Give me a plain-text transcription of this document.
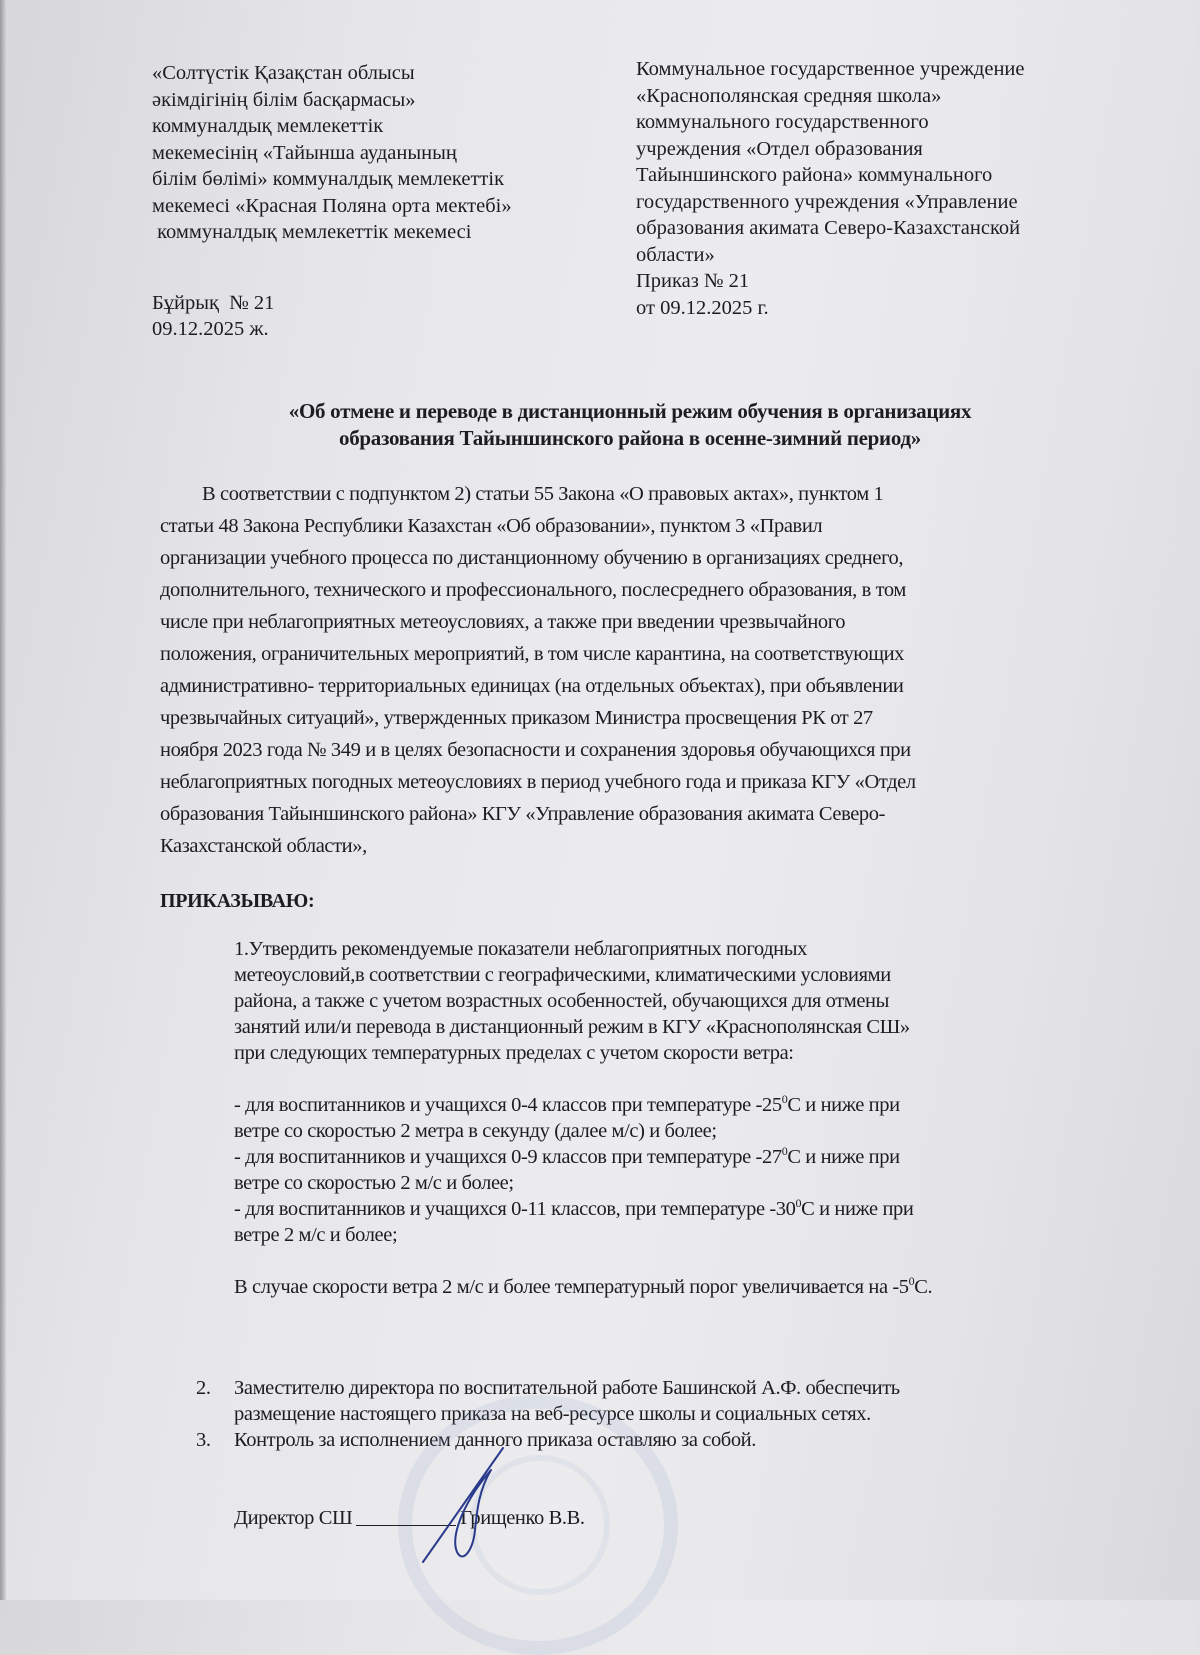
«Солтүстік Қазақстан облысы
әкімдігінің білім басқармасы»
коммуналдық мемлекеттік
мекемесінің «Тайынша ауданының
білім бөлімі» коммуналдық мемлекеттік
мекемесі «Красная Поляна орта мектебі»
коммуналдық мемлекеттік мекемесі
Бұйрық  № 21
09.12.2025 ж.
Коммунальное государственное учреждение
«Краснополянская средняя школа»
коммунального государственного
учреждения «Отдел образования
Тайыншинского района» коммунального
государственного учреждения «Управление
образования акимата Северо-Казахстанской
области»
Приказ № 21
от 09.12.2025 г.
«Об отмене и переводе в дистанционный режим обучения в организациях
образования Тайыншинского района в осенне-зимний период»
В соответствии с подпунктом 2) статьи 55 Закона «О правовых актах», пунктом 1
статьи 48 Закона Республики Казахстан «Об образовании», пунктом 3 «Правил
организации учебного процесса по дистанционному обучению в организациях среднего,
дополнительного, технического и профессионального, послесреднего образования, в том
числе при неблагоприятных метеоусловиях, а также при введении чрезвычайного
положения, ограничительных мероприятий, в том числе карантина, на соответствующих
административно- территориальных единицах (на отдельных объектах), при объявлении
чрезвычайных ситуаций», утвержденных приказом Министра просвещения РК от 27
ноября 2023 года № 349 и в целях безопасности и сохранения здоровья обучающихся при
неблагоприятных погодных метеоусловиях в период учебного года и приказа КГУ «Отдел
образования Тайыншинского района» КГУ «Управление образования акимата Северо-
Казахстанской области»,
ПРИКАЗЫВАЮ:
1.Утвердить рекомендуемые показатели неблагоприятных погодных
метеоусловий,в соответствии с географическими, климатическими условиями
района, а также с учетом возрастных особенностей, обучающихся для отмены
занятий или/и перевода в дистанционный режим в КГУ «Краснополянская СШ»
при следующих температурных пределах с учетом скорости ветра:
- для воспитанников и учащихся 0-4 классов при температуре $-25^0С$ и ниже при
ветре со скоростью 2 метра в секунду (далее м/с) и более;
- для воспитанников и учащихся 0-9 классов при температуре $-27^0С$ и ниже при
ветре со скоростью 2 м/с и более;
- для воспитанников и учащихся 0-11 классов, при температуре $-30^0С$ и ниже при
ветре 2 м/с и более;
В случае скорости ветра 2 м/с и более температурный порог увеличивается на $-5^0С$.
2.	Заместителю директора по воспитательной работе Башинской А.Ф. обеспечить
размещение настоящего приказа на веб-ресурсе школы и социальных сетях.
3.	Контроль за исполнением данного приказа оставляю за собой.
Директор СШ	Грищенко В.В.
